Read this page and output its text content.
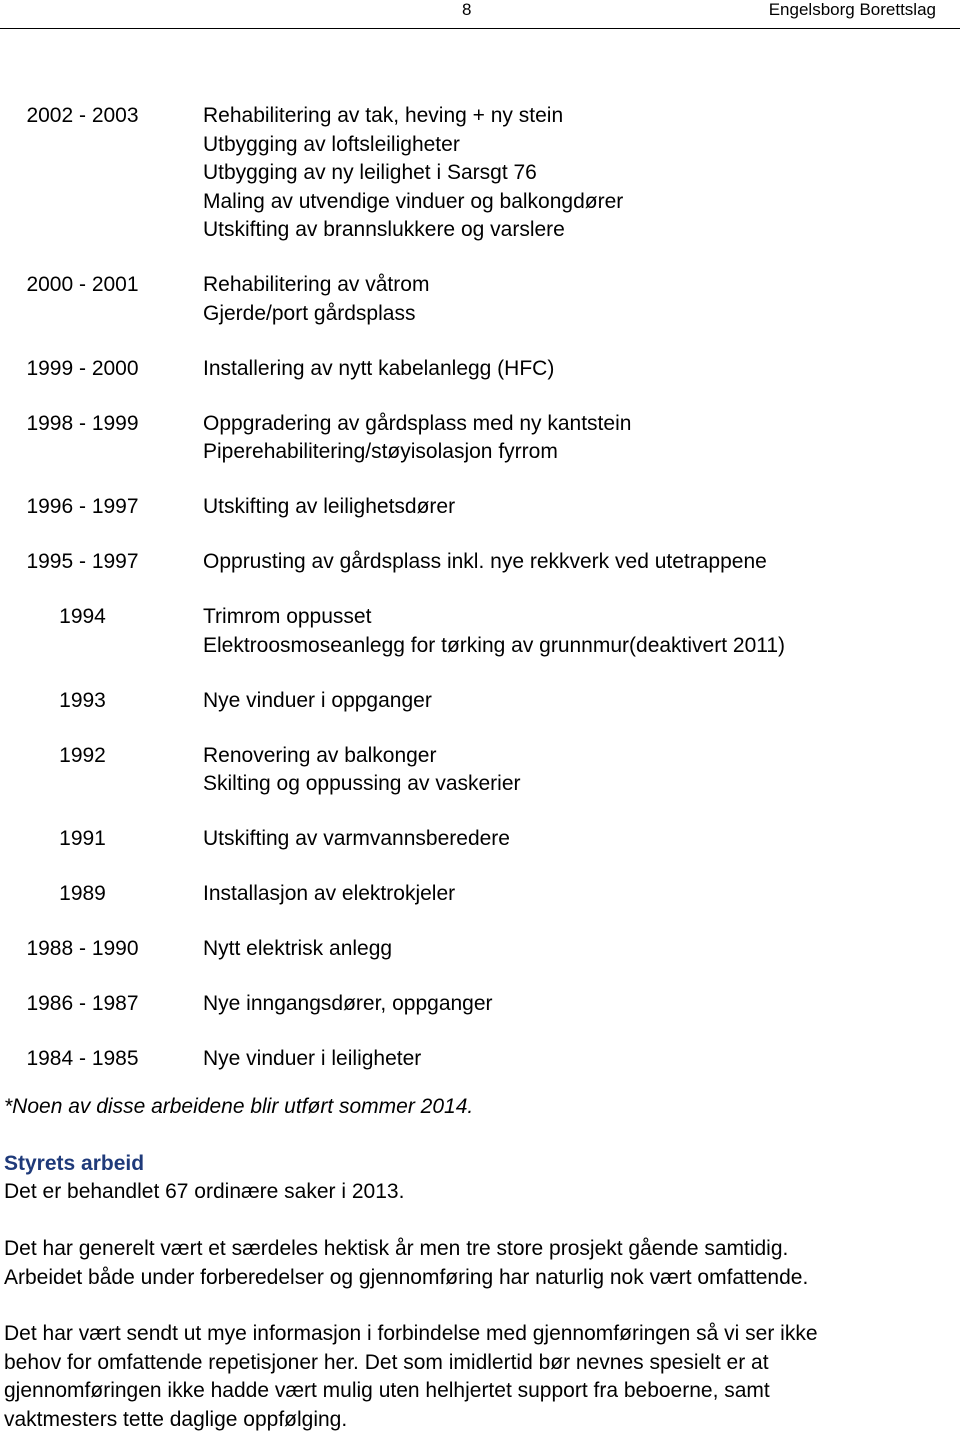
8	Engelsborg Borettslag
2002 - 2003	Rehabilitering av tak, heving + ny stein
Utbygging av loftsleiligheter
Utbygging av ny leilighet i Sarsgt 76
Maling av utvendige vinduer og balkongdører
Utskifting av brannslukkere og varslere
2000 - 2001	Rehabilitering av våtrom
Gjerde/port gårdsplass
1999 - 2000	Installering av nytt kabelanlegg (HFC)
1998 - 1999	Oppgradering av gårdsplass med ny kantstein
Piperehabilitering/støyisolasjon fyrrom
1996 - 1997	Utskifting av leilighetsdører
1995 - 1997	Opprusting av gårdsplass inkl. nye rekkverk ved utetrappene
1994	Trimrom oppusset
Elektroosmoseanlegg for tørking av grunnmur(deaktivert 2011)
1993	Nye vinduer i oppganger
1992	Renovering av balkonger
Skilting og oppussing av vaskerier
1991	Utskifting av varmvannsberedere
1989	Installasjon av elektrokjeler
1988 - 1990	Nytt elektrisk anlegg
1986 - 1987	Nye inngangsdører, oppganger
1984 - 1985	Nye vinduer i leiligheter
*Noen av disse arbeidene blir utført sommer 2014.
Styrets arbeid

Det er behandlet 67 ordinære saker i 2013.

Det har generelt vært et særdeles hektisk år men tre store prosjekt gående samtidig.
Arbeidet både under forberedelser og gjennomføring har naturlig nok vært omfattende.

Det har vært sendt ut mye informasjon i forbindelse med gjennomføringen så vi ser ikke
behov for omfattende repetisjoner her. Det som imidlertid bør nevnes spesielt er at
gjennomføringen ikke hadde vært mulig uten helhjertet support fra beboerne, samt
vaktmesters tette daglige oppfølging.
